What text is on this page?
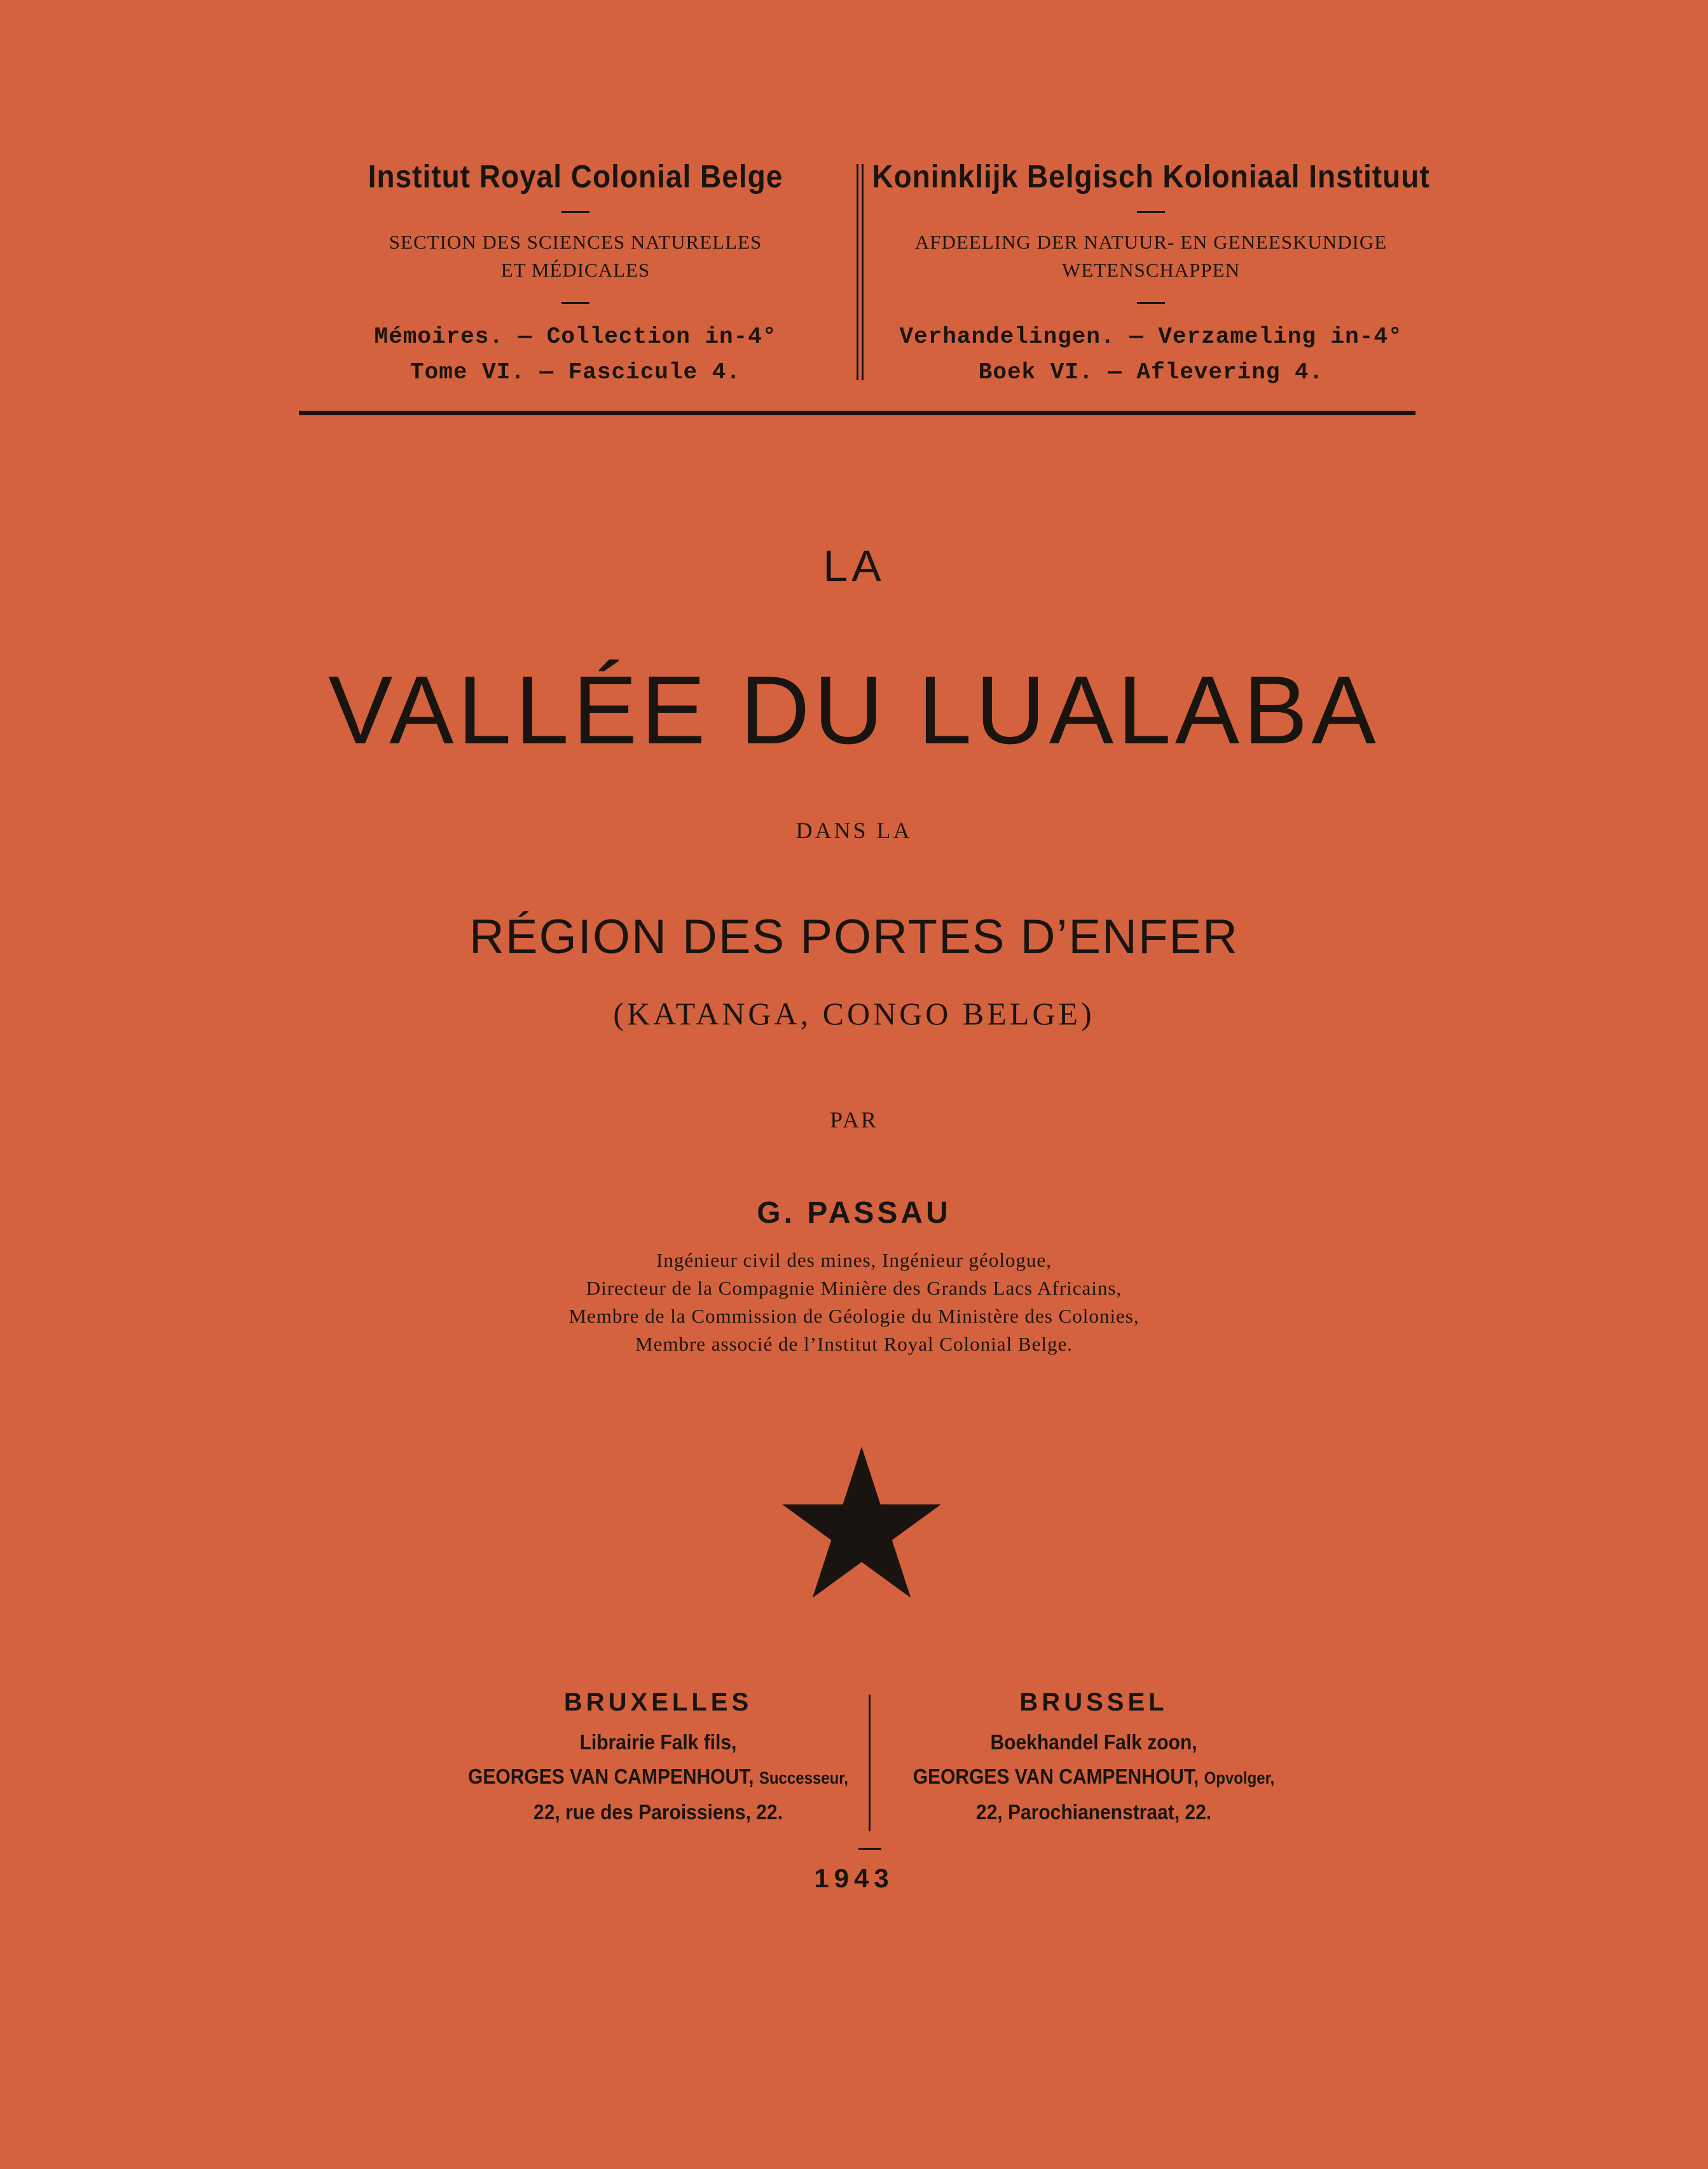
Institut Royal Colonial Belge
SECTION DES SCIENCES NATURELLES
ET MÉDICALES
Mémoires. — Collection in-4°
Tome VI. — Fascicule 4.
Koninklijk Belgisch Koloniaal Instituut
AFDEELING DER NATUUR- EN GENEESKUNDIGE
WETENSCHAPPEN
Verhandelingen. — Verzameling in-4°
Boek VI. — Aflevering 4.
LA
VALLÉE DU LUALABA
DANS LA
RÉGION DES PORTES D’ENFER
(KATANGA, CONGO BELGE)
PAR
G. PASSAU
Ingénieur civil des mines, Ingénieur géologue,
Directeur de la Compagnie Minière des Grands Lacs Africains,
Membre de la Commission de Géologie du Ministère des Colonies,
Membre associé de l’Institut Royal Colonial Belge.
BRUXELLES
Librairie Falk fils,
GEORGES VAN CAMPENHOUT, Successeur,
22, rue des Paroissiens, 22.
BRUSSEL
Boekhandel Falk zoon,
GEORGES VAN CAMPENHOUT, Opvolger,
22, Parochianenstraat, 22.
1943
